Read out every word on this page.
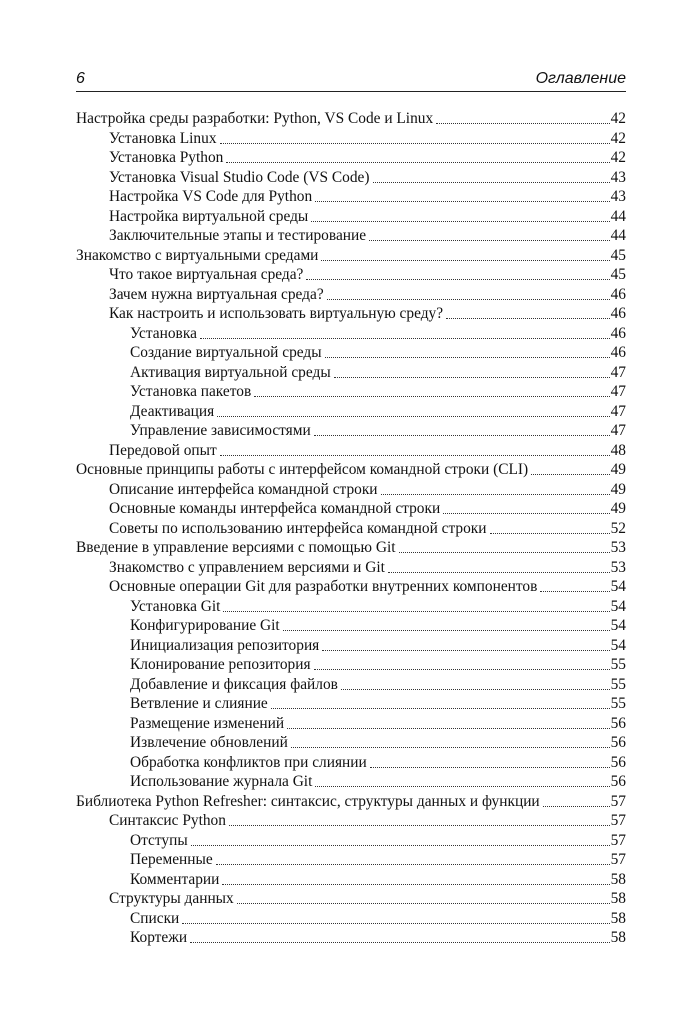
6	Оглавление
Настройка среды разработки: Python, VS Code и Linux	42
Установка Linux	42
Установка Python	42
Установка Visual Studio Code (VS Code)	43
Настройка VS Code для Python	43
Настройка виртуальной среды	44
Заключительные этапы и тестирование	44
Знакомство с виртуальными средами	45
Что такое виртуальная среда?	45
Зачем нужна виртуальная среда?	46
Как настроить и использовать виртуальную среду?	46
Установка	46
Создание виртуальной среды	46
Активация виртуальной среды	47
Установка пакетов	47
Деактивация	47
Управление зависимостями	47
Передовой опыт	48
Основные принципы работы с интерфейсом командной строки (CLI)	49
Описание интерфейса командной строки	49
Основные команды интерфейса командной строки	49
Советы по использованию интерфейса командной строки	52
Введение в управление версиями с помощью Git	53
Знакомство с управлением версиями и Git	53
Основные операции Git для разработки внутренних компонентов	54
Установка Git	54
Конфигурирование Git	54
Инициализация репозитория	54
Клонирование репозитория	55
Добавление и фиксация файлов	55
Ветвление и слияние	55
Размещение изменений	56
Извлечение обновлений	56
Обработка конфликтов при слиянии	56
Использование журнала Git	56
Библиотека Python Refresher: синтаксис, структуры данных и функции	57
Синтаксис Python	57
Отступы	57
Переменные	57
Комментарии	58
Структуры данных	58
Списки	58
Кортежи	58
